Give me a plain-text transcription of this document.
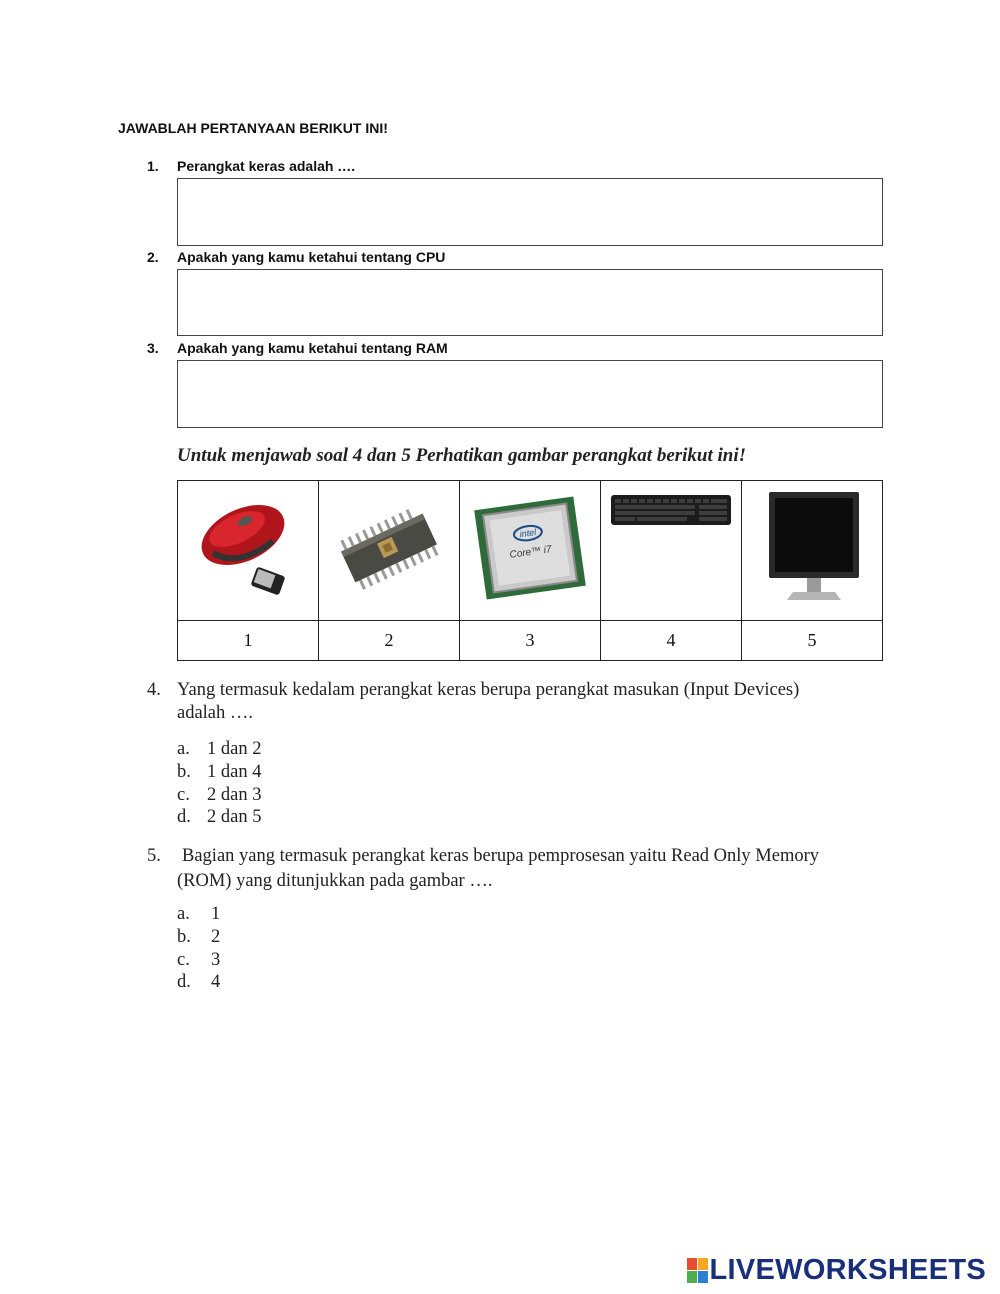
JAWABLAH PERTANYAAN BERIKUT INI!
1. Perangkat keras adalah ….
2. Apakah yang kamu ketahui tentang CPU
3. Apakah yang kamu ketahui tentang RAM
Untuk menjawab soal 4 dan 5 Perhatikan gambar perangkat berikut ini!

intel
Core™ i7

1	2	3	4	5
4. Yang termasuk kedalam perangkat keras berupa perangkat masukan (Input Devices)
adalah ….
a. 1 dan 2
b. 1 dan 4
c. 2 dan 3
d. 2 dan 5
5. Bagian yang termasuk perangkat keras berupa pemprosesan yaitu Read Only Memory
(ROM) yang ditunjukkan pada gambar ….
a. 1
b. 2
c. 3
d. 4
LIVEWORKSHEETS
